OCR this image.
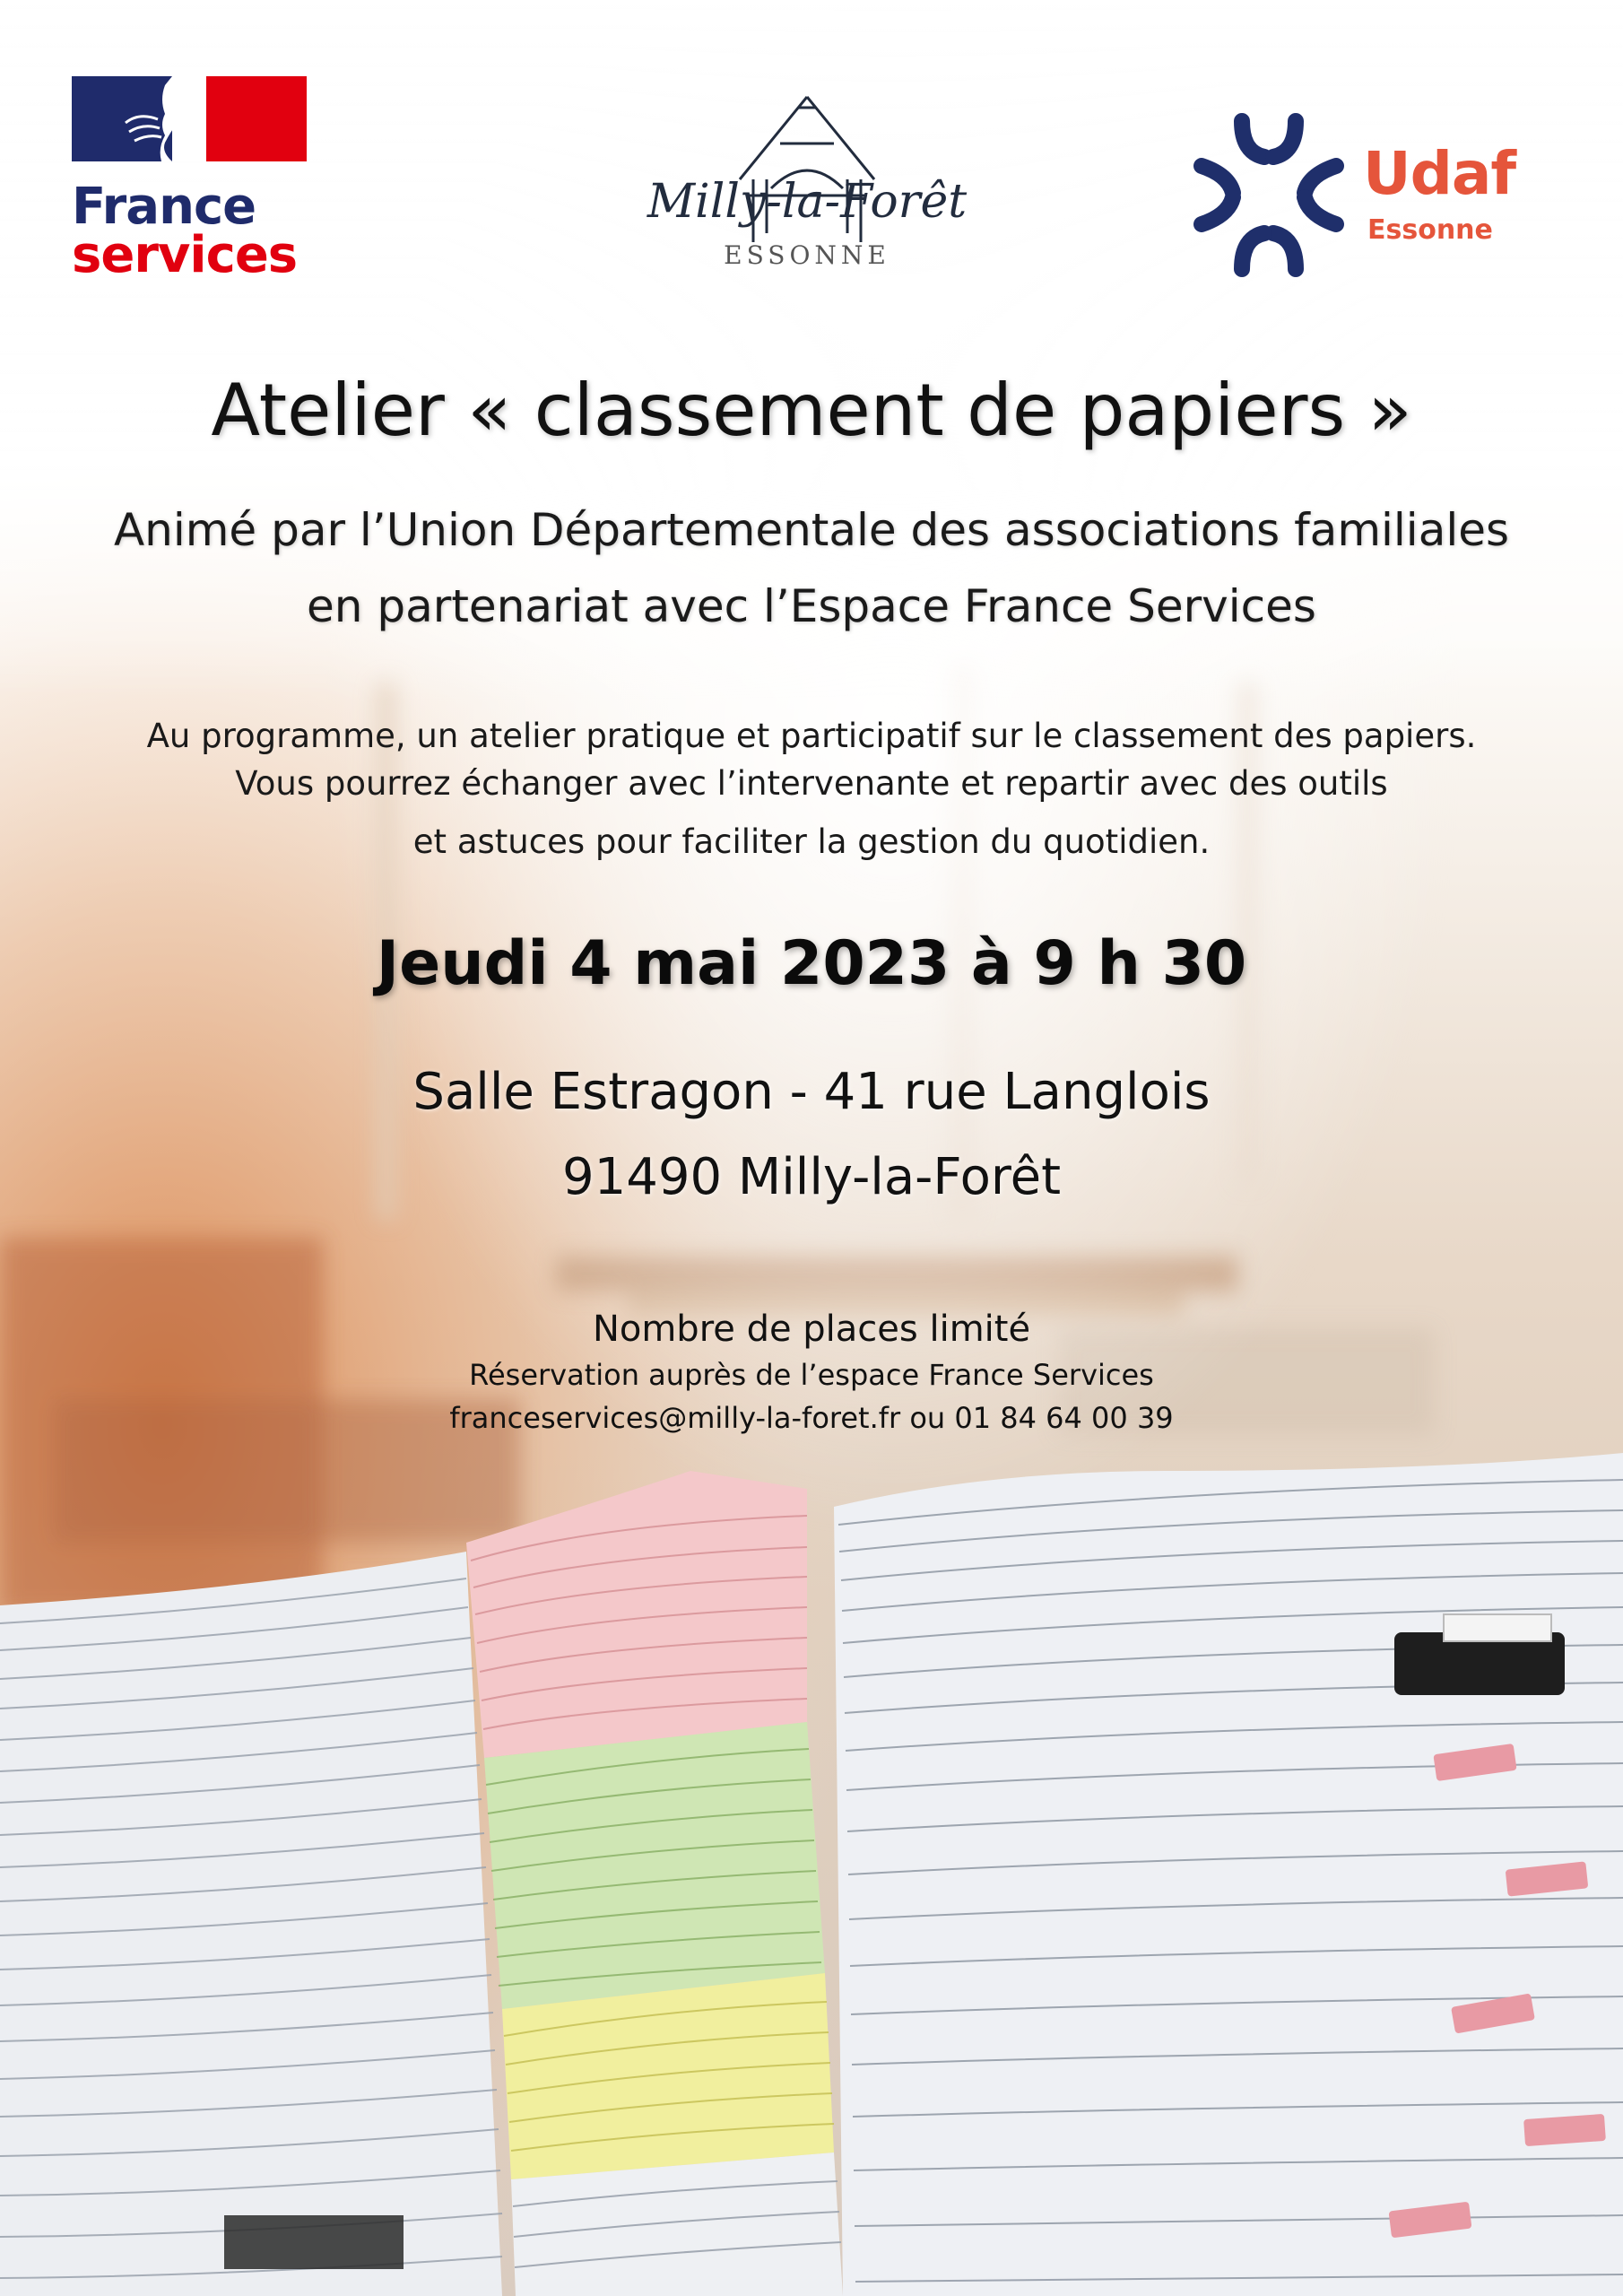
France
services
Milly-la-Forêt
ESSONNE
Udaf
Essonne
Atelier « classement de papiers »
Animé par l’Union Départementale des associations familiales
en partenariat avec l’Espace France Services
Au programme, un atelier pratique et participatif sur le classement des papiers.
Vous pourrez échanger avec l’intervenante et repartir avec des outils
et astuces pour faciliter la gestion du quotidien.
Jeudi 4 mai 2023 à 9 h 30
Salle Estragon - 41 rue Langlois
91490 Milly-la-Forêt
Nombre de places limité
Réservation auprès de l’espace France Services
franceservices@milly-la-foret.fr ou 01 84 64 00 39
